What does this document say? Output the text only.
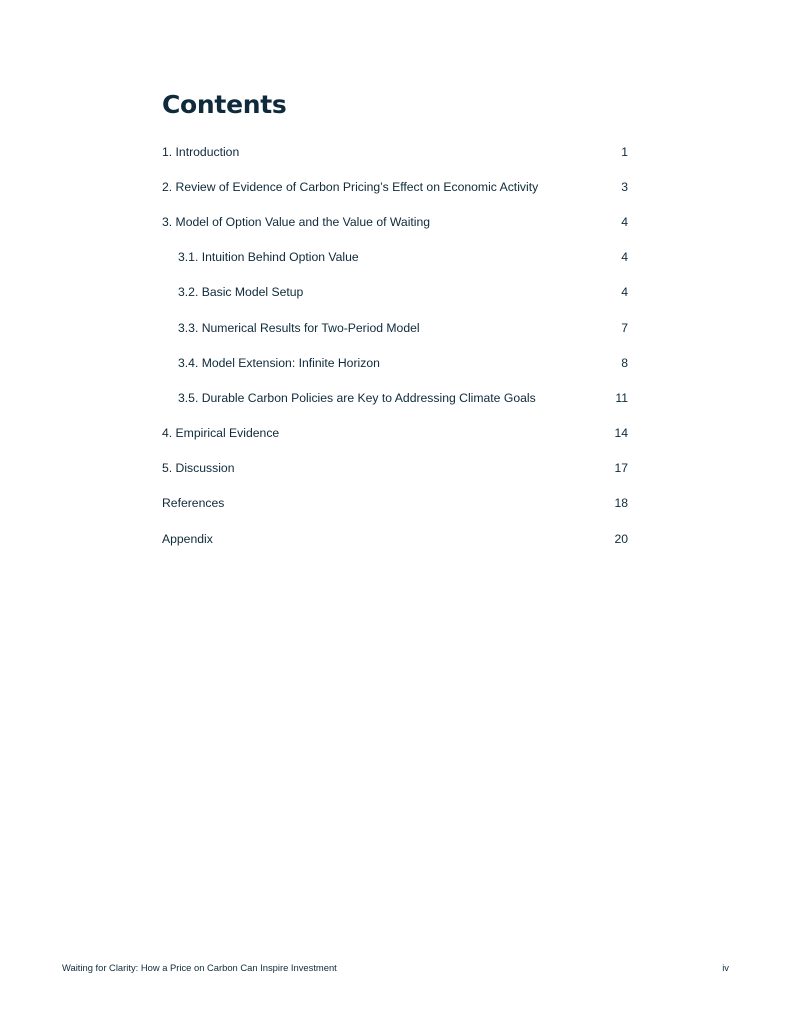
Contents
1. Introduction	1
2. Review of Evidence of Carbon Pricing’s Effect on Economic Activity	3
3. Model of Option Value and the Value of Waiting	4
3.1. Intuition Behind Option Value	4
3.2. Basic Model Setup	4
3.3. Numerical Results for Two-Period Model	7
3.4. Model Extension: Infinite Horizon	8
3.5. Durable Carbon Policies are Key to Addressing Climate Goals	11
4. Empirical Evidence	14
5. Discussion	17
References	18
Appendix	20
Waiting for Clarity: How a Price on Carbon Can Inspire Investment	iv
